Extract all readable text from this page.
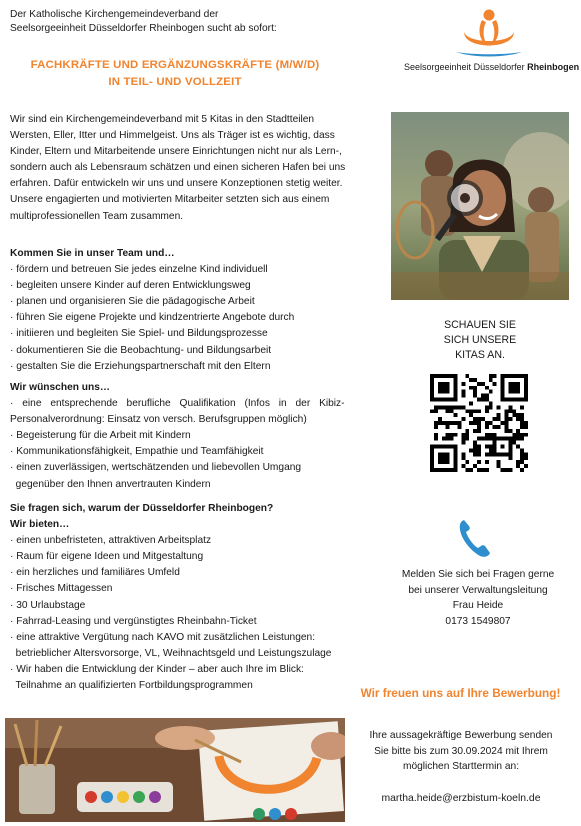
Der Katholische Kirchengemeindeverband der
Seelsorgeeinheit Düsseldorfer Rheinbogen sucht ab sofort:
Seelsorgeeinheit Düsseldorfer Rheinbogen
FACHKRÄFTE UND ERGÄNZUNGSKRÄFTE (M/W/D)
IN TEIL- UND VOLLZEIT
Wir sind ein Kirchengemeindeverband mit 5 Kitas in den Stadtteilen
Wersten, Eller, Itter und Himmelgeist. Uns als Träger ist es wichtig, dass
Kinder, Eltern und Mitarbeitende unsere Einrichtungen nicht nur als Lern-,
sondern auch als Lebensraum schätzen und einen sicheren Hafen bei uns
erfahren. Dafür entwickeln wir uns und unsere Konzeptionen stetig weiter.
Unsere engagierten und motivierten Mitarbeiter setzten sich aus einem
multiprofessionellen Team zusammen.
Kommen Sie in unser Team und…
· fördern und betreuen Sie jedes einzelne Kind individuell
· begleiten unsere Kinder auf deren Entwicklungsweg
· planen und organisieren Sie die pädagogische Arbeit
· führen Sie eigene Projekte und kindzentrierte Angebote durch
· initiieren und begleiten Sie Spiel- und Bildungsprozesse
· dokumentieren Sie die Beobachtung- und Bildungsarbeit
· gestalten Sie die Erziehungspartnerschaft mit den Eltern
Wir wünschen uns…
· eine entsprechende berufliche Qualifikation (Infos in der Kibiz-
Personalverordnung: Einsatz von versch. Berufsgruppen möglich)
· Begeisterung für die Arbeit mit Kindern
· Kommunikationsfähigkeit, Empathie und Teamfähigkeit
· einen zuverlässigen, wertschätzenden und liebevollen Umgang
gegenüber den Ihnen anvertrauten Kindern
Sie fragen sich, warum der Düsseldorfer Rheinbogen?
Wir bieten…
· einen unbefristeten, attraktiven Arbeitsplatz
· Raum für eigene Ideen und Mitgestaltung
· ein herzliches und familiäres Umfeld
· Frisches Mittagessen
· 30 Urlaubstage
· Fahrrad-Leasing und vergünstigtes Rheinbahn-Ticket
· eine attraktive Vergütung nach KAVO mit zusätzlichen Leistungen:
betrieblicher Altersvorsorge, VL, Weihnachtsgeld und Leistungszulage
· Wir haben die Entwicklung der Kinder – aber auch Ihre im Blick:
Teilnahme an qualifizierten Fortbildungsprogrammen
SCHAUEN SIE
SICH UNSERE
KITAS AN.
Melden Sie sich bei Fragen gerne
bei unserer Verwaltungsleitung
Frau Heide
0173 1549807
Wir freuen uns auf Ihre Bewerbung!
Ihre aussagekräftige Bewerbung senden
Sie bitte bis zum 30.09.2024 mit Ihrem
möglichen Starttermin an:
martha.heide@erzbistum-koeln.de
